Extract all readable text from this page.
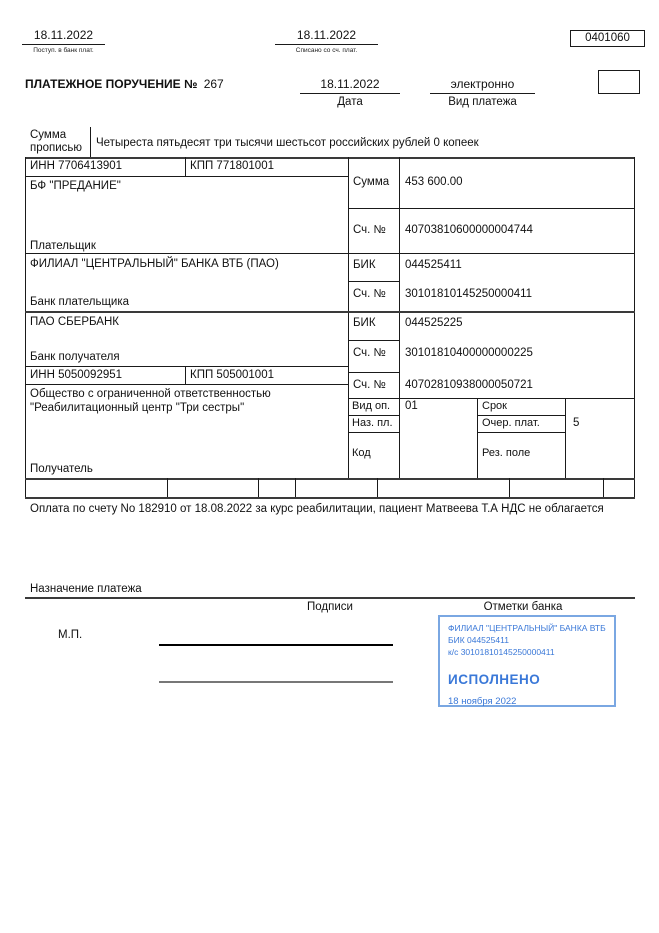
18.11.2022
Поступ. в банк плат.
18.11.2022
Списано со сч. плат.
0401060
ПЛАТЕЖНОЕ ПОРУЧЕНИЕ № 267	18.11.2022
Дата
электронно
Вид платежа
Сумма
прописью Четыреста пятьдесят три тысячи шестьсот российских рублей 0 копеек
ИНН 7706413901	КПП 771801001
БФ "ПРЕДАНИЕ"
Плательщик
Сумма 453 600.00
Сч. № 40703810600000004744
ФИЛИАЛ "ЦЕНТРАЛЬНЫЙ" БАНКА ВТБ (ПАО)
Банк плательщика
БИК	044525411
Сч. № 30101810145250000411
ПАО СБЕРБАНК
Банк получателя
БИК	044525225
Сч. № 30101810400000000225
ИНН 5050092951	КПП 505001001
Общество с ограниченной ответственностью
"Реабилитационный центр "Три сестры"
Получатель
Сч. № 40702810938000050721
Вид оп. 01	Срок
Наз. пл.	Очер. плат.	5
Код	Рез. поле
Оплата по счету No 182910 от 18.08.2022 за курс реабилитации, пациент Матвеева Т.А НДС не облагается
Назначение платежа
Подписи	Отметки банка
М.П.
ФИЛИАЛ "ЦЕНТРАЛЬНЫЙ" БАНКА ВТБ
БИК 044525411
к/с 30101810145250000411
ИСПОЛНЕНО
18 ноября 2022
